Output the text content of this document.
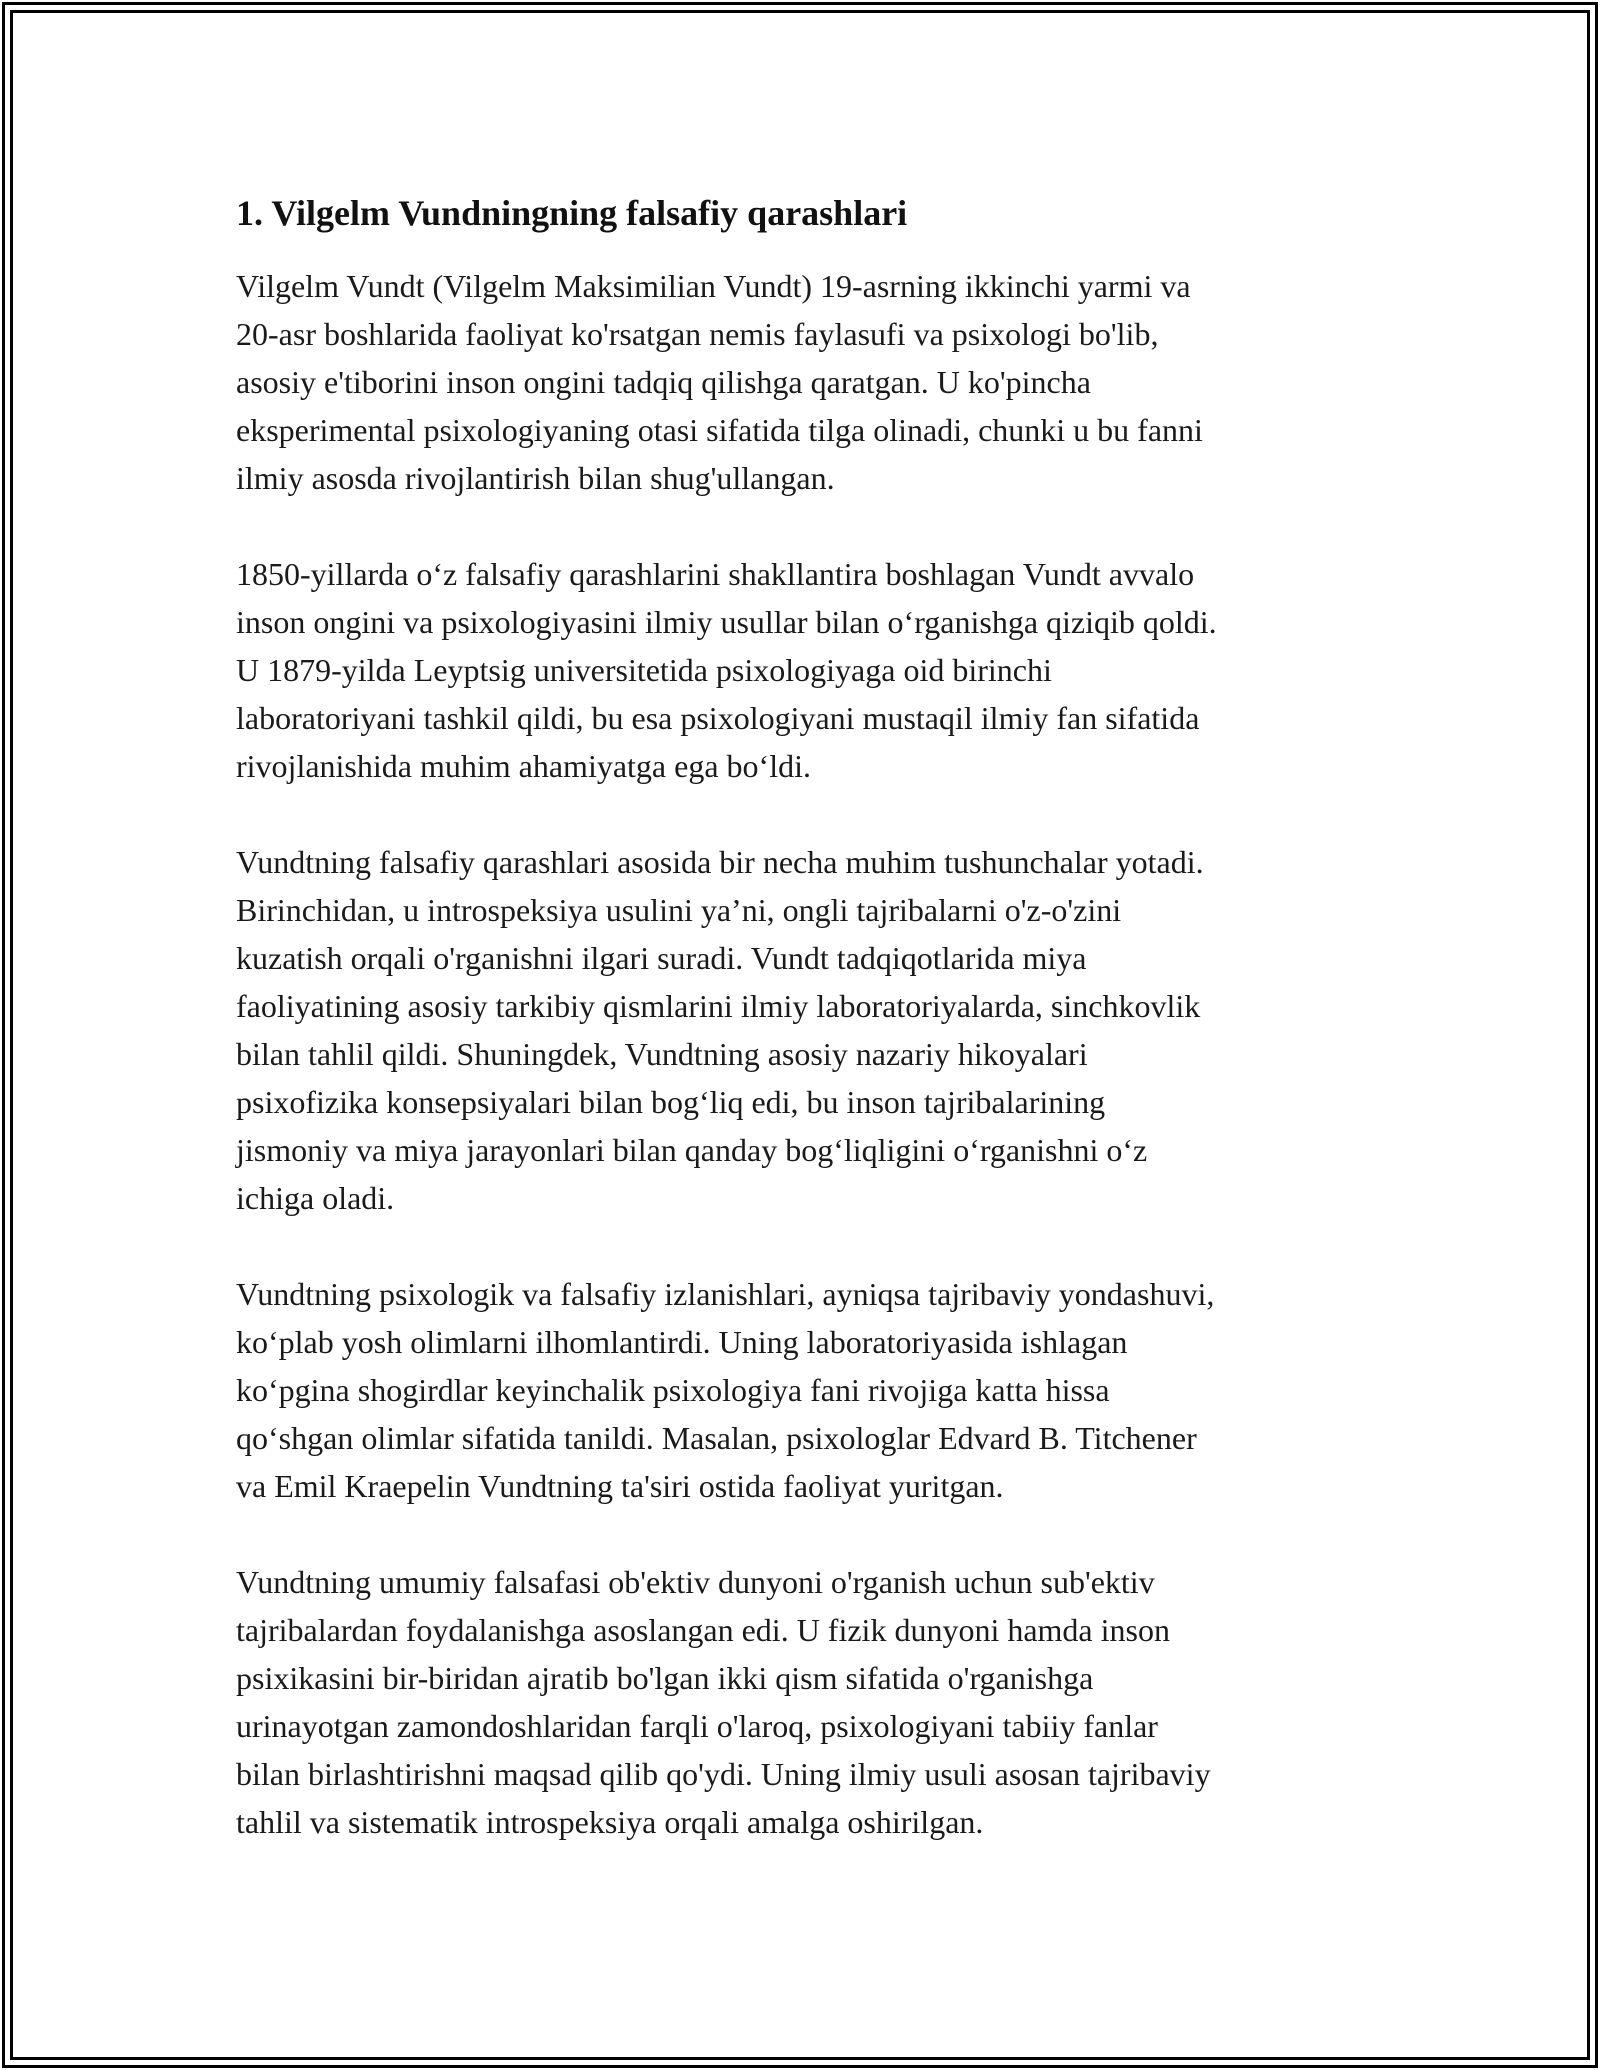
1. Vilgelm Vundningning falsafiy qarashlari

Vilgelm Vundt (Vilgelm Maksimilian Vundt) 19-asrning ikkinchi yarmi va
20-asr boshlarida faoliyat ko'rsatgan nemis faylasufi va psixologi bo'lib,
asosiy e'tiborini inson ongini tadqiq qilishga qaratgan. U ko'pincha
eksperimental psixologiyaning otasi sifatida tilga olinadi, chunki u bu fanni
ilmiy asosda rivojlantirish bilan shug'ullangan.

1850-yillarda o‘z falsafiy qarashlarini shakllantira boshlagan Vundt avvalo
inson ongini va psixologiyasini ilmiy usullar bilan o‘rganishga qiziqib qoldi.
U 1879-yilda Leyptsig universitetida psixologiyaga oid birinchi
laboratoriyani tashkil qildi, bu esa psixologiyani mustaqil ilmiy fan sifatida
rivojlanishida muhim ahamiyatga ega bo‘ldi.

Vundtning falsafiy qarashlari asosida bir necha muhim tushunchalar yotadi.
Birinchidan, u introspeksiya usulini ya’ni, ongli tajribalarni o'z-o'zini
kuzatish orqali o'rganishni ilgari suradi. Vundt tadqiqotlarida miya
faoliyatining asosiy tarkibiy qismlarini ilmiy laboratoriyalarda, sinchkovlik
bilan tahlil qildi. Shuningdek, Vundtning asosiy nazariy hikoyalari
psixofizika konsepsiyalari bilan bog‘liq edi, bu inson tajribalarining
jismoniy va miya jarayonlari bilan qanday bog‘liqligini o‘rganishni o‘z
ichiga oladi.

Vundtning psixologik va falsafiy izlanishlari, ayniqsa tajribaviy yondashuvi,
ko‘plab yosh olimlarni ilhomlantirdi. Uning laboratoriyasida ishlagan
ko‘pgina shogirdlar keyinchalik psixologiya fani rivojiga katta hissa
qo‘shgan olimlar sifatida tanildi. Masalan, psixologlar Edvard B. Titchener
va Emil Kraepelin Vundtning ta'siri ostida faoliyat yuritgan.

Vundtning umumiy falsafasi ob'ektiv dunyoni o'rganish uchun sub'ektiv
tajribalardan foydalanishga asoslangan edi. U fizik dunyoni hamda inson
psixikasini bir-biridan ajratib bo'lgan ikki qism sifatida o'rganishga
urinayotgan zamondoshlaridan farqli o'laroq, psixologiyani tabiiy fanlar
bilan birlashtirishni maqsad qilib qo'ydi. Uning ilmiy usuli asosan tajribaviy
tahlil va sistematik introspeksiya orqali amalga oshirilgan.
